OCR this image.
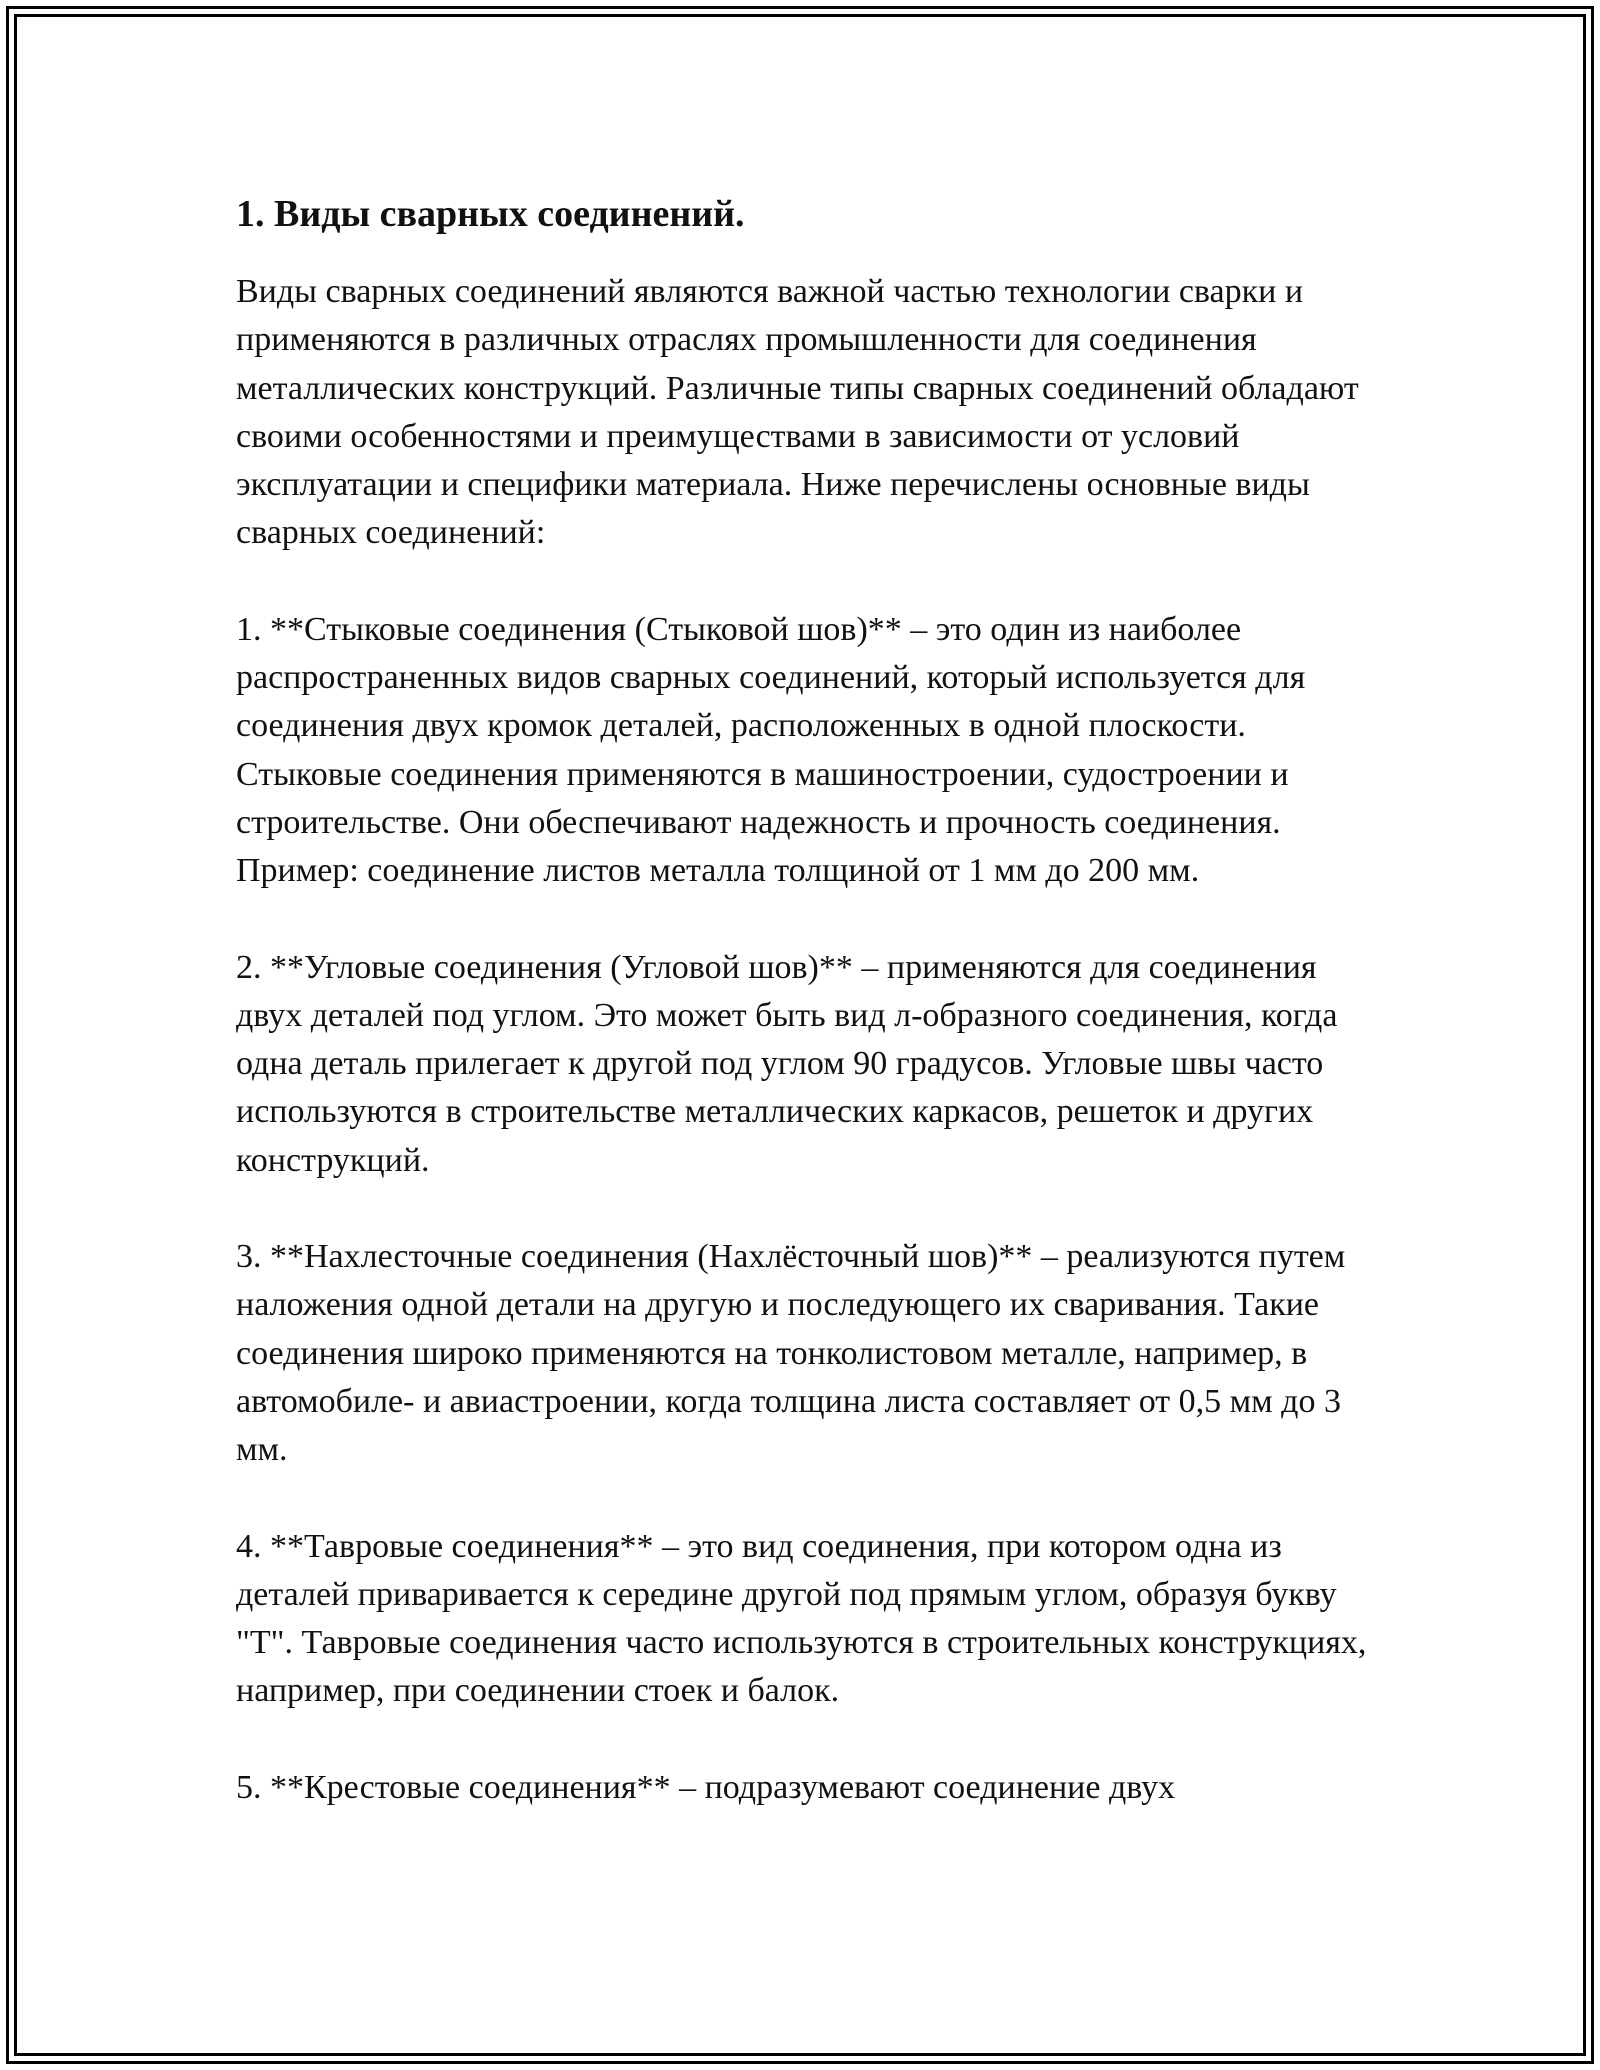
1. Виды сварных соединений.

Виды сварных соединений являются важной частью технологии сварки и применяются в различных отраслях промышленности для соединения металлических конструкций. Различные типы сварных соединений обладают своими особенностями и преимуществами в зависимости от условий эксплуатации и специфики материала. Ниже перечислены основные виды сварных соединений:

1. **Стыковые соединения (Стыковой шов)** – это один из наиболее распространенных видов сварных соединений, который используется для соединения двух кромок деталей, расположенных в одной плоскости. Стыковые соединения применяются в машиностроении, судостроении и строительстве. Они обеспечивают надежность и прочность соединения. Пример: соединение листов металла толщиной от 1 мм до 200 мм.

2. **Угловые соединения (Угловой шов)** – применяются для соединения двух деталей под углом. Это может быть вид л-образного соединения, когда одна деталь прилегает к другой под углом 90 градусов. Угловые швы часто используются в строительстве металлических каркасов, решеток и других конструкций.

3. **Нахлесточные соединения (Нахлёсточный шов)** – реализуются путем наложения одной детали на другую и последующего их сваривания. Такие соединения широко применяются на тонколистовом металле, например, в автомобиле- и авиастроении, когда толщина листа составляет от 0,5 мм до 3 мм.

4. **Тавровые соединения** – это вид соединения, при котором одна из деталей приваривается к середине другой под прямым углом, образуя букву "T". Тавровые соединения часто используются в строительных конструкциях, например, при соединении стоек и балок.

5. **Крестовые соединения** – подразумевают соединение двух
